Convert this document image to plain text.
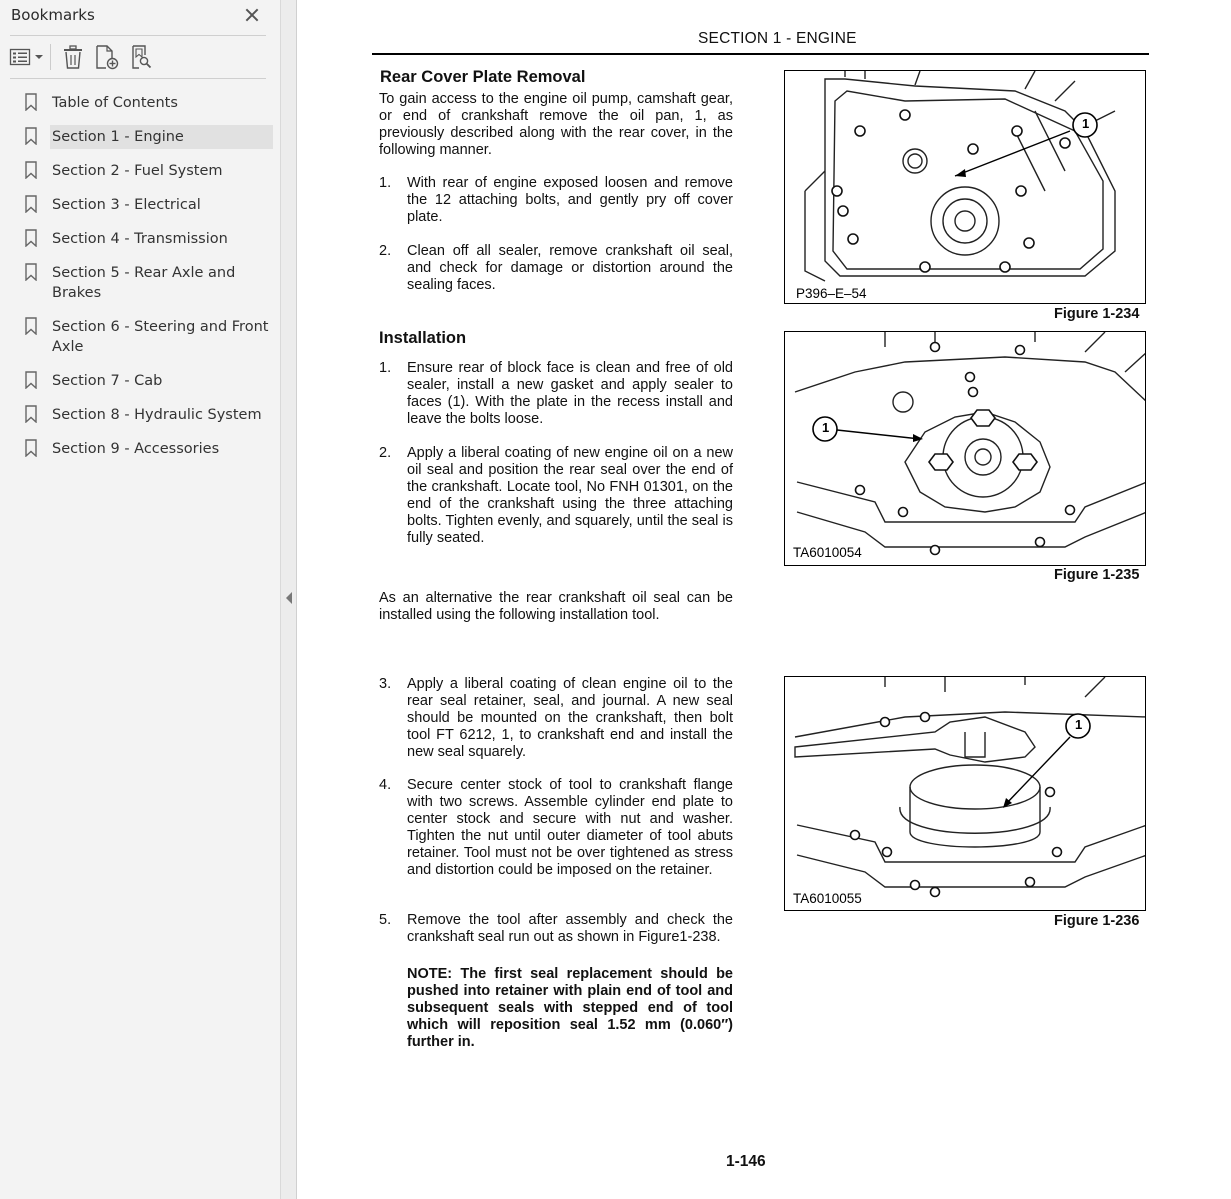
Bookmarks
Table of Contents
Section 1 - Engine
Section 2 - Fuel System
Section 3 - Electrical
Section 4 - Transmission
Section 5 - Rear Axle and Brakes
Section 6 - Steering and Front Axle
Section 7 - Cab
Section 8 - Hydraulic System
Section 9 - Accessories
SECTION 1 - ENGINE
Rear Cover Plate Removal
To gain access to the engine oil pump, camshaft gear, or end of crankshaft remove the oil pan, 1, as previously described along with the rear cover, in the following manner.
1. With rear of engine exposed loosen and remove the 12 attaching bolts, and gently pry off cover plate.
2. Clean off all sealer, remove crankshaft oil seal, and check for damage or distortion around the sealing faces.
Installation
1. Ensure rear of block face is clean and free of old sealer, install a new gasket and apply sealer to faces (1). With the plate in the recess install and leave the bolts loose.
2. Apply a liberal coating of new engine oil on a new oil seal and position the rear seal over the end of the crankshaft. Locate tool, No FNH 01301, on the end of the crankshaft using the three attaching bolts. Tighten evenly, and squarely, until the seal is fully seated.
As an alternative the rear crankshaft oil seal can be installed using the following installation tool.
3. Apply a liberal coating of clean engine oil to the rear seal retainer, seal, and journal. A new seal should be mounted on the crankshaft, then bolt tool FT 6212, 1, to crankshaft end and install the new seal squarely.
4. Secure center stock of tool to crankshaft flange with two screws. Assemble cylinder end plate to center stock and secure with nut and washer. Tighten the nut until outer diameter of tool abuts retainer. Tool must not be over tightened as stress and distortion could be imposed on the retainer.
5. Remove the tool after assembly and check the crankshaft seal run out as shown in Figure1-238.
NOTE: The first seal replacement should be pushed into retainer with plain end of tool and subsequent seals with stepped end of tool which will reposition seal 1.52 mm (0.060″) further in.
P396–E–54
1
Figure 1-234
TA6010054
1
Figure 1-235
TA6010055
1
Figure 1-236
1-146
